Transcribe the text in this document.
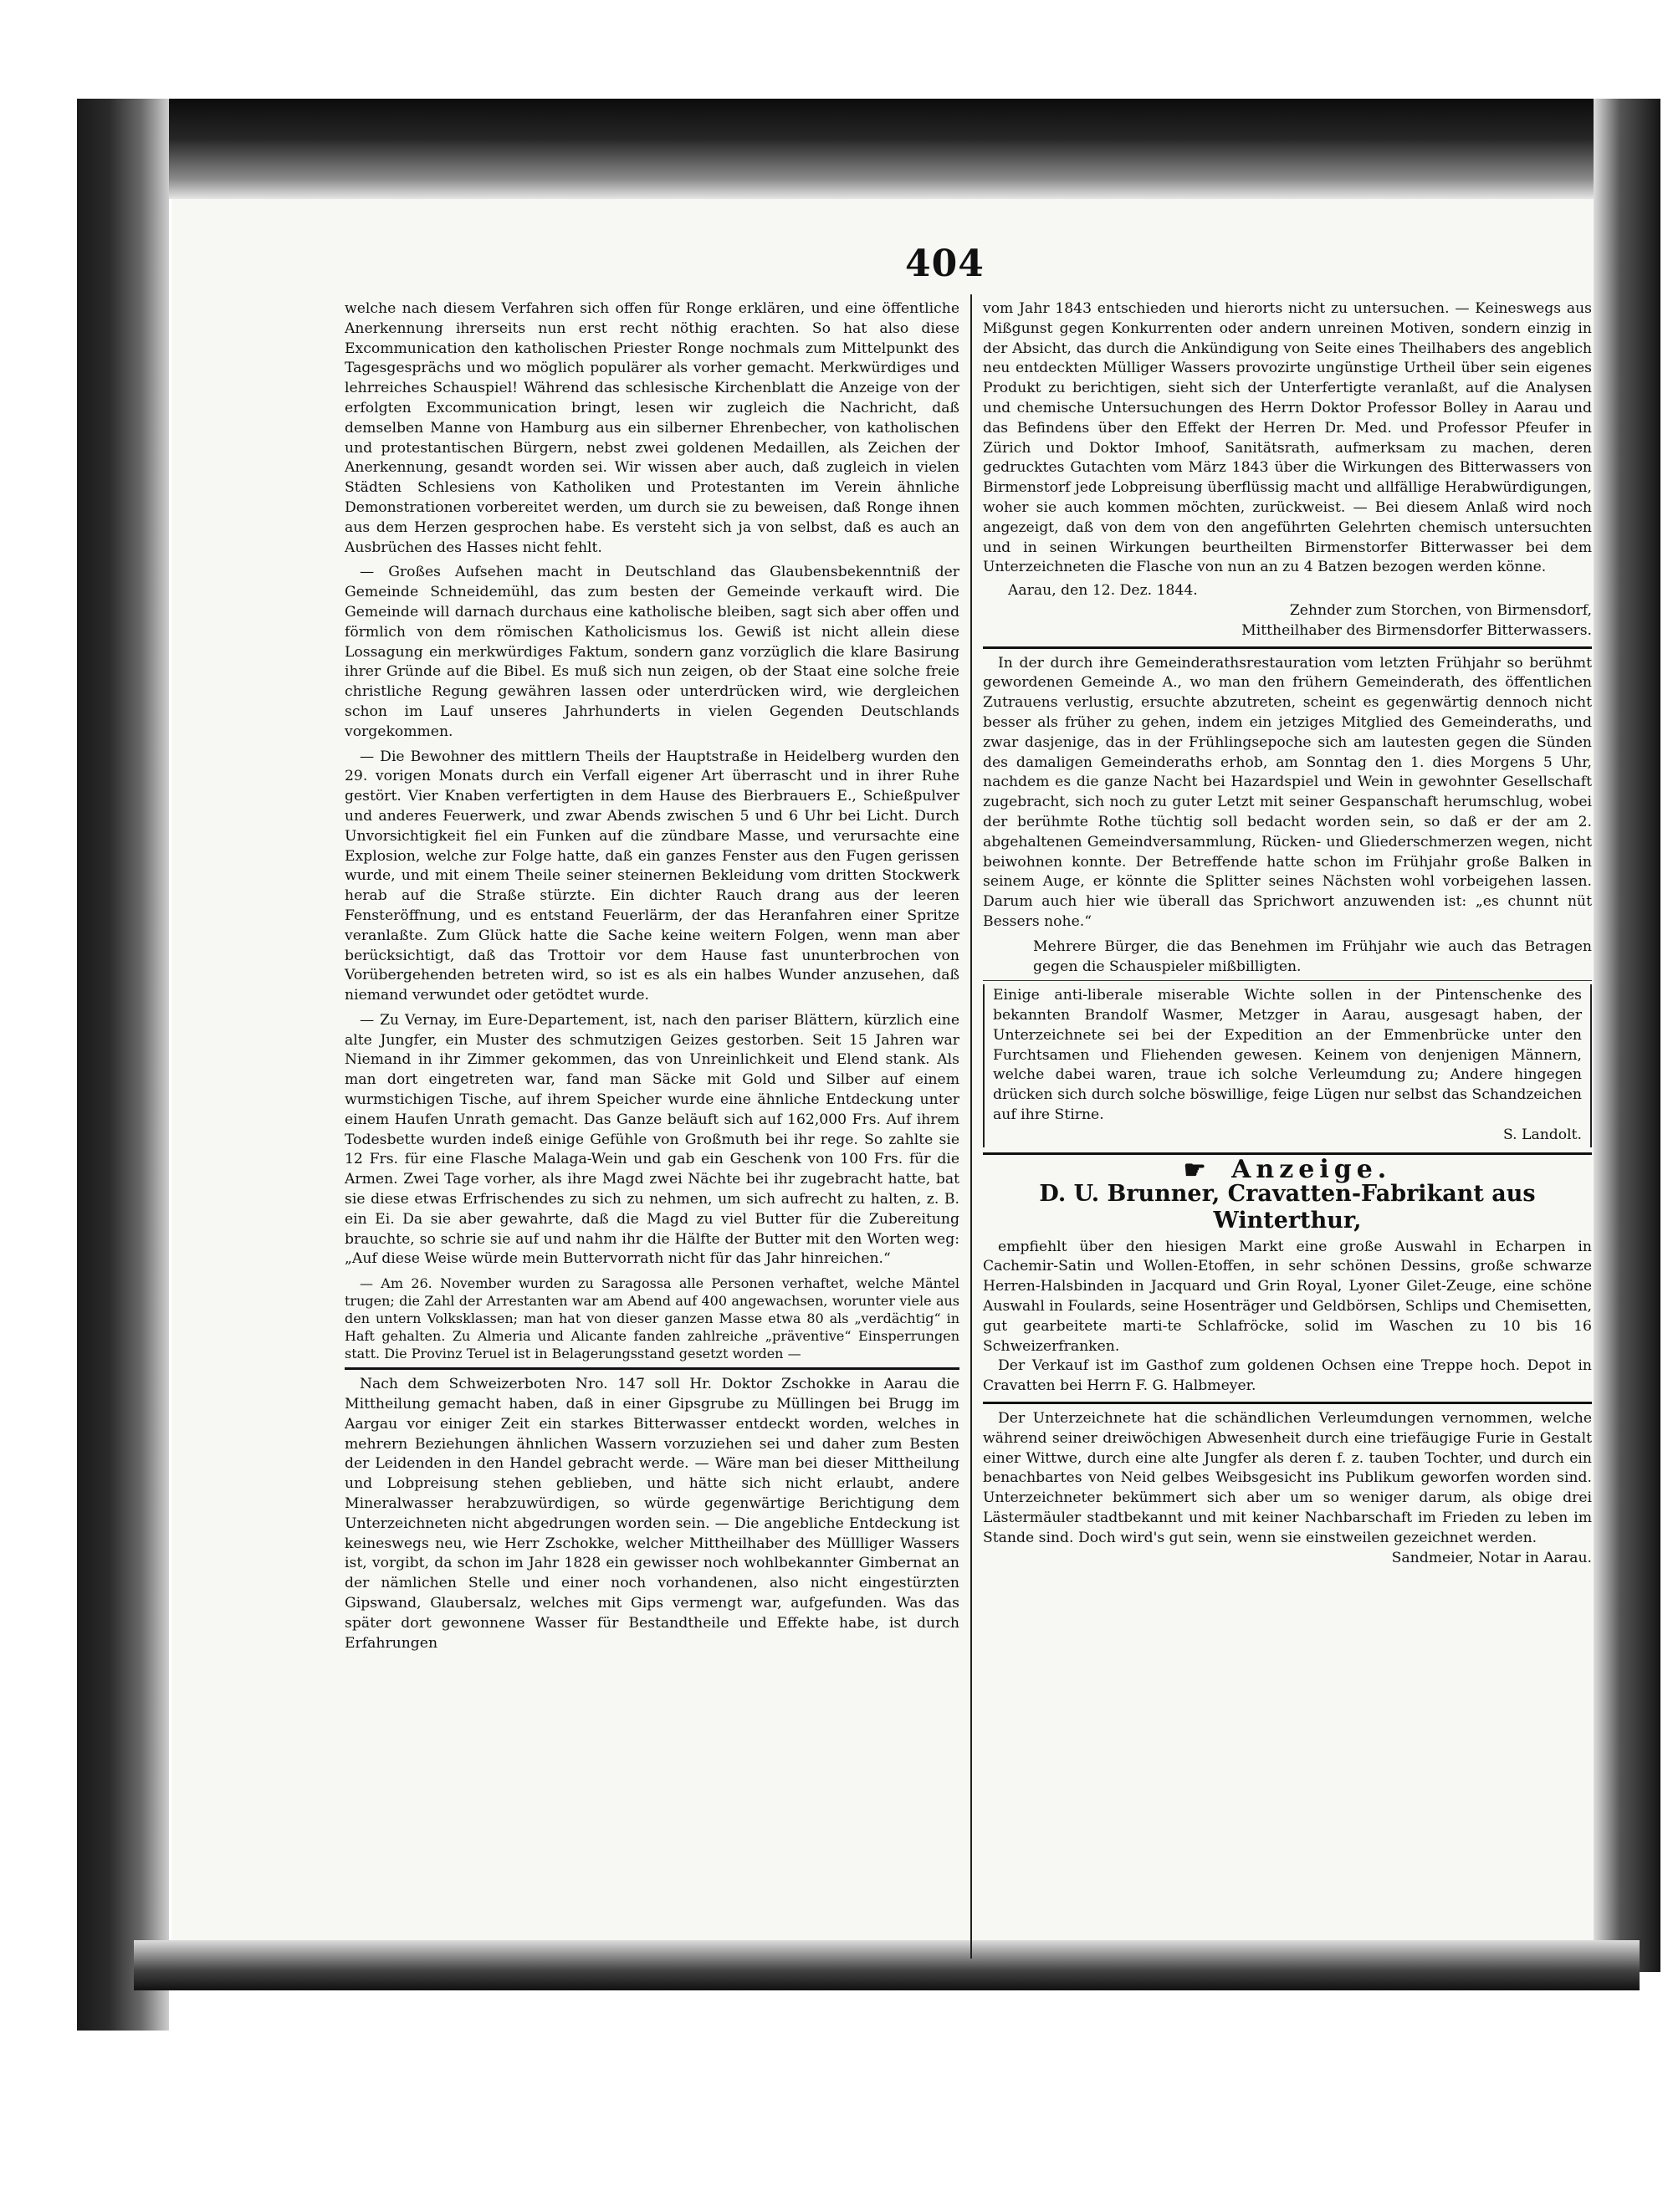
404

welche nach diesem Verfahren sich offen für Ronge erklären, und eine öffentliche Anerkennung ihrerseits nun erst recht nöthig erachten. So hat also diese Excommunication den katholischen Priester Ronge nochmals zum Mittelpunkt des Tagesgesprächs und wo möglich populärer als vorher gemacht. Merkwürdiges und lehrreiches Schauspiel! Während das schlesische Kirchenblatt die Anzeige von der erfolgten Excommunication bringt, lesen wir zugleich die Nachricht, daß demselben Manne von Hamburg aus ein silberner Ehrenbecher, von katholischen und protestantischen Bürgern, nebst zwei goldenen Medaillen, als Zeichen der Anerkennung, gesandt worden sei. Wir wissen aber auch, daß zugleich in vielen Städten Schlesiens von Katholiken und Protestanten im Verein ähnliche Demonstrationen vorbereitet werden, um durch sie zu beweisen, daß Ronge ihnen aus dem Herzen gesprochen habe. Es versteht sich ja von selbst, daß es auch an Ausbrüchen des Hasses nicht fehlt.

— Großes Aufsehen macht in Deutschland das Glaubensbekenntniß der Gemeinde Schneidemühl, das zum besten der Gemeinde verkauft wird. Die Gemeinde will darnach durchaus eine katholische bleiben, sagt sich aber offen und förmlich von dem römischen Katholicismus los. Gewiß ist nicht allein diese Lossagung ein merkwürdiges Faktum, sondern ganz vorzüglich die klare Basirung ihrer Gründe auf die Bibel. Es muß sich nun zeigen, ob der Staat eine solche freie christliche Regung gewähren lassen oder unterdrücken wird, wie dergleichen schon im Lauf unseres Jahrhunderts in vielen Gegenden Deutschlands vorgekommen.

— Die Bewohner des mittlern Theils der Hauptstraße in Heidelberg wurden den 29. vorigen Monats durch ein Verfall eigener Art überrascht und in ihrer Ruhe gestört. Vier Knaben verfertigten in dem Hause des Bierbrauers E., Schießpulver und anderes Feuerwerk, und zwar Abends zwischen 5 und 6 Uhr bei Licht. Durch Unvorsichtigkeit fiel ein Funken auf die zündbare Masse, und verursachte eine Explosion, welche zur Folge hatte, daß ein ganzes Fenster aus den Fugen gerissen wurde, und mit einem Theile seiner steinernen Bekleidung vom dritten Stockwerk herab auf die Straße stürzte. Ein dichter Rauch drang aus der leeren Fensteröffnung, und es entstand Feuerlärm, der das Heranfahren einer Spritze veranlaßte. Zum Glück hatte die Sache keine weitern Folgen, wenn man aber berücksichtigt, daß das Trottoir vor dem Hause fast ununterbrochen von Vorübergehenden betreten wird, so ist es als ein halbes Wunder anzusehen, daß niemand verwundet oder getödtet wurde.

— Zu Vernay, im Eure-Departement, ist, nach den pariser Blättern, kürzlich eine alte Jungfer, ein Muster des schmutzigen Geizes gestorben. Seit 15 Jahren war Niemand in ihr Zimmer gekommen, das von Unreinlichkeit und Elend stank. Als man dort eingetreten war, fand man Säcke mit Gold und Silber auf einem wurmstichigen Tische, auf ihrem Speicher wurde eine ähnliche Entdeckung unter einem Haufen Unrath gemacht. Das Ganze beläuft sich auf 162,000 Frs. Auf ihrem Todesbette wurden indeß einige Gefühle von Großmuth bei ihr rege. So zahlte sie 12 Frs. für eine Flasche Malaga-Wein und gab ein Geschenk von 100 Frs. für die Armen. Zwei Tage vorher, als ihre Magd zwei Nächte bei ihr zugebracht hatte, bat sie diese etwas Erfrischendes zu sich zu nehmen, um sich aufrecht zu halten, z. B. ein Ei. Da sie aber gewahrte, daß die Magd zu viel Butter für die Zubereitung brauchte, so schrie sie auf und nahm ihr die Hälfte der Butter mit den Worten weg: „Auf diese Weise würde mein Buttervorrath nicht für das Jahr hinreichen.“

— Am 26. November wurden zu Saragossa alle Personen verhaftet, welche Mäntel trugen; die Zahl der Arrestanten war am Abend auf 400 angewachsen, worunter viele aus den untern Volksklassen; man hat von dieser ganzen Masse etwa 80 als „verdächtig“ in Haft gehalten. Zu Almeria und Alicante fanden zahlreiche „präventive“ Einsperrungen statt. Die Provinz Teruel ist in Belagerungsstand gesetzt worden —

Nach dem Schweizerboten Nro. 147 soll Hr. Doktor Zschokke in Aarau die Mittheilung gemacht haben, daß in einer Gipsgrube zu Müllingen bei Brugg im Aargau vor einiger Zeit ein starkes Bitterwasser entdeckt worden, welches in mehrern Beziehungen ähnlichen Wassern vorzuziehen sei und daher zum Besten der Leidenden in den Handel gebracht werde. — Wäre man bei dieser Mittheilung und Lobpreisung stehen geblieben, und hätte sich nicht erlaubt, andere Mineralwasser herabzuwürdigen, so würde gegenwärtige Berichtigung dem Unterzeichneten nicht abgedrungen worden sein. — Die angebliche Entdeckung ist keineswegs neu, wie Herr Zschokke, welcher Mittheilhaber des Müllliger Wassers ist, vorgibt, da schon im Jahr 1828 ein gewisser noch wohlbekannter Gimbernat an der nämlichen Stelle und einer noch vorhandenen, also nicht eingestürzten Gipswand, Glaubersalz, welches mit Gips vermengt war, aufgefunden. Was das später dort gewonnene Wasser für Bestandtheile und Effekte habe, ist durch Erfahrungen

vom Jahr 1843 entschieden und hierorts nicht zu untersuchen. — Keineswegs aus Mißgunst gegen Konkurrenten oder andern unreinen Motiven, sondern einzig in der Absicht, das durch die Ankündigung von Seite eines Theilhabers des angeblich neu entdeckten Mülliger Wassers provozirte ungünstige Urtheil über sein eigenes Produkt zu berichtigen, sieht sich der Unterfertigte veranlaßt, auf die Analysen und chemische Untersuchungen des Herrn Doktor Professor Bolley in Aarau und das Befindens über den Effekt der Herren Dr. Med. und Professor Pfeufer in Zürich und Doktor Imhoof, Sanitätsrath, aufmerksam zu machen, deren gedrucktes Gutachten vom März 1843 über die Wirkungen des Bitterwassers von Birmenstorf jede Lobpreisung überflüssig macht und allfällige Herabwürdigungen, woher sie auch kommen möchten, zurückweist. — Bei diesem Anlaß wird noch angezeigt, daß von dem von den angeführten Gelehrten chemisch untersuchten und in seinen Wirkungen beurtheilten Birmenstorfer Bitterwasser bei dem Unterzeichneten die Flasche von nun an zu 4 Batzen bezogen werden könne.

Aarau, den 12. Dez. 1844.
Zehnder zum Storchen, von Birmensdorf,
Mittheilhaber des Birmensdorfer Bitterwassers.

In der durch ihre Gemeinderathsrestauration vom letzten Frühjahr so berühmt gewordenen Gemeinde A., wo man den frühern Gemeinderath, des öffentlichen Zutrauens verlustig, ersuchte abzutreten, scheint es gegenwärtig dennoch nicht besser als früher zu gehen, indem ein jetziges Mitglied des Gemeinderaths, und zwar dasjenige, das in der Frühlingsepoche sich am lautesten gegen die Sünden des damaligen Gemeinderaths erhob, am Sonntag den 1. dies Morgens 5 Uhr, nachdem es die ganze Nacht bei Hazardspiel und Wein in gewohnter Gesellschaft zugebracht, sich noch zu guter Letzt mit seiner Gespanschaft herumschlug, wobei der berühmte Rothe tüchtig soll bedacht worden sein, so daß er der am 2. abgehaltenen Gemeindversammlung, Rücken- und Gliederschmerzen wegen, nicht beiwohnen konnte. Der Betreffende hatte schon im Frühjahr große Balken in seinem Auge, er könnte die Splitter seines Nächsten wohl vorbeigehen lassen. Darum auch hier wie überall das Sprichwort anzuwenden ist: „es chunnt nüt Bessers nohe.“

Mehrere Bürger, die das Benehmen im Frühjahr wie auch das Betragen gegen die Schauspieler mißbilligten.

Einige anti-liberale miserable Wichte sollen in der Pintenschenke des bekannten Brandolf Wasmer, Metzger in Aarau, ausgesagt haben, der Unterzeichnete sei bei der Expedition an der Emmenbrücke unter den Furchtsamen und Fliehenden gewesen. Keinem von denjenigen Männern, welche dabei waren, traue ich solche Verleumdung zu; Andere hingegen drücken sich durch solche böswillige, feige Lügen nur selbst das Schandzeichen auf ihre Stirne.

S. Landolt.
☛ Anzeige.
D. U. Brunner, Cravatten-Fabrikant aus Winterthur,

empfiehlt über den hiesigen Markt eine große Auswahl in Echarpen in Cachemir-Satin und Wollen-Etoffen, in sehr schönen Dessins, große schwarze Herren-Halsbinden in Jacquard und Grin Royal, Lyoner Gilet-Zeuge, eine schöne Auswahl in Foulards, seine Hosenträger und Geldbörsen, Schlips und Chemisetten, gut gearbeitete marti-te Schlafröcke, solid im Waschen zu 10 bis 16 Schweizerfranken.

Der Verkauf ist im Gasthof zum goldenen Ochsen eine Treppe hoch. Depot in Cravatten bei Herrn F. G. Halbmeyer.

Der Unterzeichnete hat die schändlichen Verleumdungen vernommen, welche während seiner dreiwöchigen Abwesenheit durch eine triefäugige Furie in Gestalt einer Wittwe, durch eine alte Jungfer als deren f. z. tauben Tochter, und durch ein benachbartes von Neid gelbes Weibsgesicht ins Publikum geworfen worden sind. Unterzeichneter bekümmert sich aber um so weniger darum, als obige drei Lästermäuler stadtbekannt und mit keiner Nachbarschaft im Frieden zu leben im Stande sind. Doch wird's gut sein, wenn sie einstweilen gezeichnet werden.

Sandmeier, Notar in Aarau.
